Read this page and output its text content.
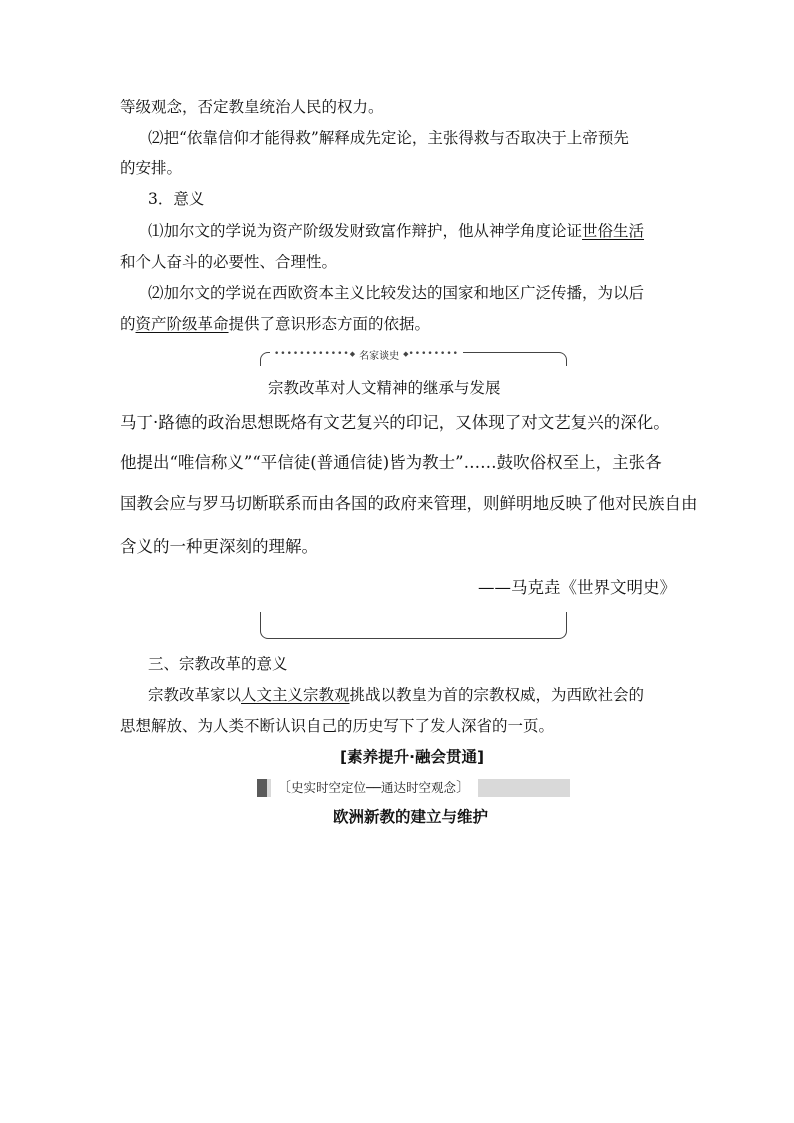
等级观念，否定教皇统治人民的权力。
⑵把“依靠信仰才能得救”解释成先定论，主张得救与否取决于上帝预先
的安排。
3．意义
⑴加尔文的学说为资产阶级发财致富作辩护，他从神学角度论证世俗生活
和个人奋斗的必要性、合理性。
⑵加尔文的学说在西欧资本主义比较发达的国家和地区广泛传播，为以后
的资产阶级革命提供了意识形态方面的依据。
•••••••••••• ◆ 名家谈史 ◆ ••••••••
宗教改革对人文精神的继承与发展
马丁·路德的政治思想既烙有文艺复兴的印记，又体现了对文艺复兴的深化。
他提出“唯信称义”“平信徒(普通信徒)皆为教士”……鼓吹俗权至上，主张各
国教会应与罗马切断联系而由各国的政府来管理，则鲜明地反映了他对民族自由
含义的一种更深刻的理解。
——马克垚《世界文明史》
三、宗教改革的意义
宗教改革家以人文主义宗教观挑战以教皇为首的宗教权威，为西欧社会的
思想解放、为人类不断认识自己的历史写下了发人深省的一页。
[素养提升·融会贯通]
〔史实时空定位──通达时空观念〕
欧洲新教的建立与维护
